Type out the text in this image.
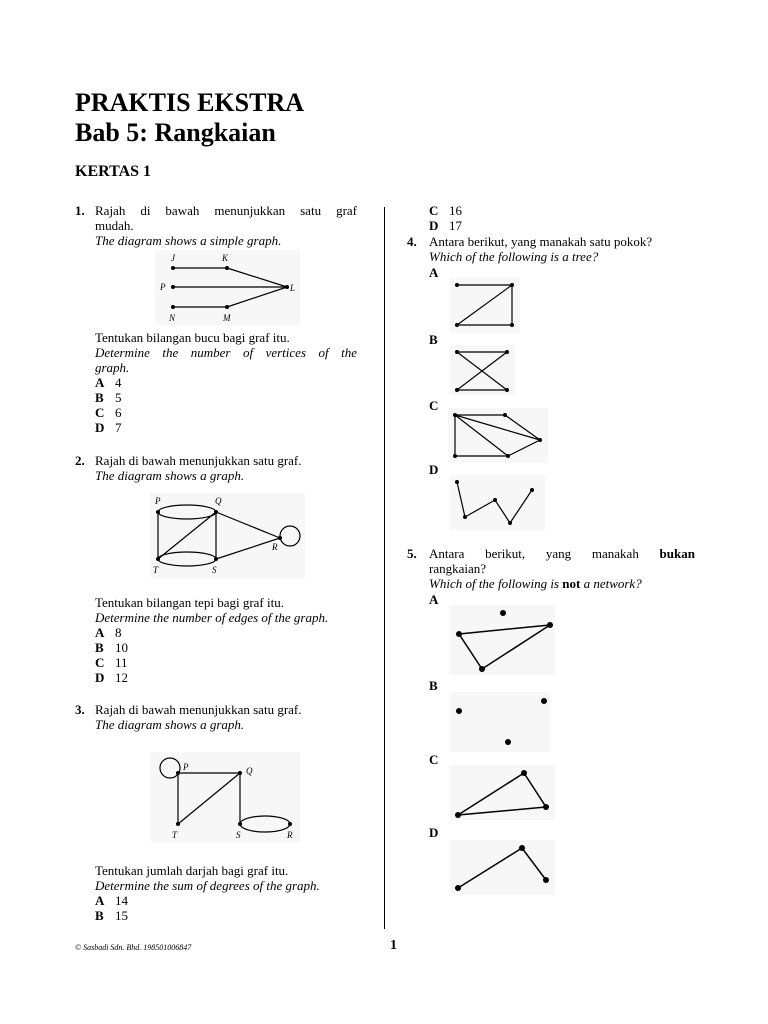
PRAKTIS EKSTRA
Bab 5: Rangkaian
KERTAS 1
1. Rajah di bawah menunjukkan satu graf
mudah.
The diagram shows a simple graph.
J	K
P	L
N	M
Tentukan bilangan bucu bagi graf itu.
Determine the number of vertices of the
graph.
A 4
B 5
C 6
D 7
2. Rajah di bawah menunjukkan satu graf.
The diagram shows a graph.
P	Q
R
T	S
Tentukan bilangan tepi bagi graf itu.
Determine the number of edges of the graph.
A 8
B 10
C 11
D 12
3. Rajah di bawah menunjukkan satu graf.
The diagram shows a graph.
P	Q
T	S	R
Tentukan jumlah darjah bagi graf itu.
Determine the sum of degrees of the graph.
A 14
B 15
C 16
D 17
4. Antara berikut, yang manakah satu pokok?
Which of the following is a tree?
A
B
C
D
5. Antara berikut, yang manakah bukan
rangkaian?
Which of the following is not a network?
A
B
C
D
© Sasbadi Sdn. Bhd. 198501006847	1
